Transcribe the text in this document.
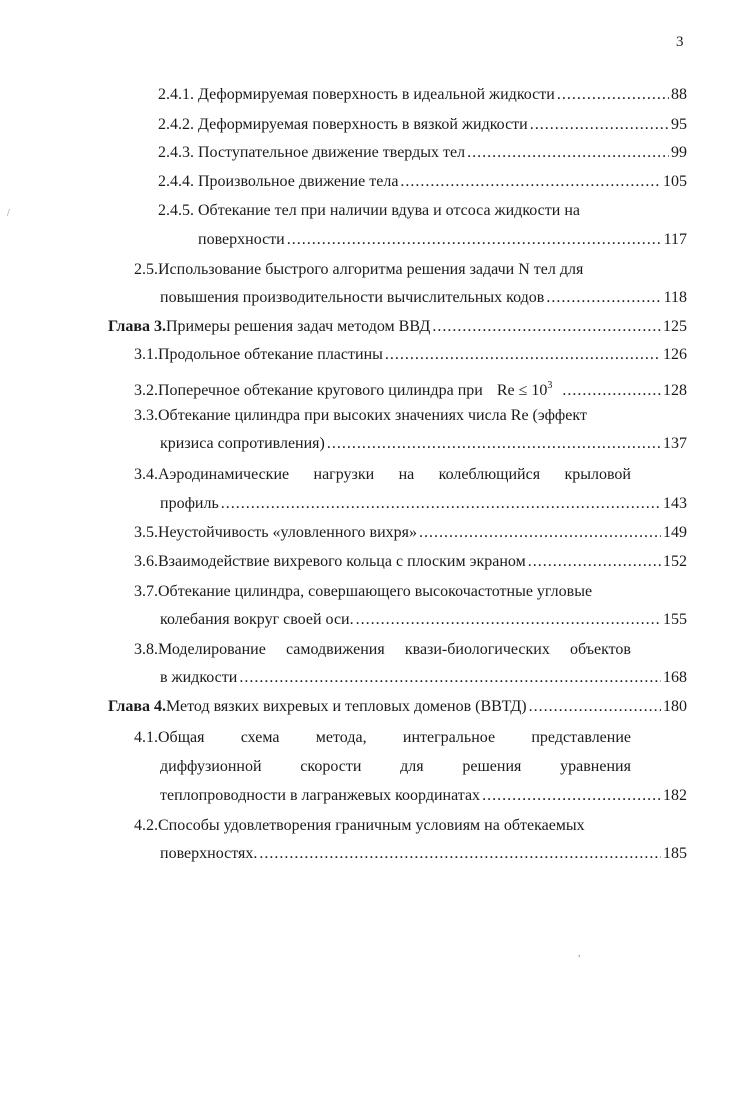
3
2.4.1. Деформируемая поверхность в идеальной жидкости .....	88
2.4.2. Деформируемая поверхность в вязкой жидкости .....	95
2.4.3. Поступательное движение твердых тел .....	99
2.4.4. Произвольное движение тела .....	105
2.4.5. Обтекание тел при наличии вдува и отсоса жидкости на
поверхности .....	117
2.5.Использование быстрого алгоритма решения задачи N тел для
повышения производительности вычислительных кодов .....	118
Глава 3.Примеры решения задач методом ВВД .....	125
3.1.Продольное обтекание пластины .....	126
3.2.Поперечное обтекание кругового цилиндра при $Re \le 10^3$ .....	128
3.3.Обтекание цилиндра при высоких значениях числа Re (эффект
кризиса сопротивления) .....	137
3.4.Аэродинамические нагрузки на колеблющийся крыловой
профиль .....	143
3.5.Неустойчивость «уловленного вихря» .....	149
3.6.Взаимодействие вихревого кольца с плоским экраном .....	152
3.7.Обтекание цилиндра, совершающего высокочастотные угловые
колебания вокруг своей оси. .....	155
3.8.Моделирование самодвижения квази-биологических объектов
в жидкости .....	168
Глава 4.Метод вязких вихревых и тепловых доменов (ВВТД) .....	180
4.1.Общая схема метода, интегральное представление
диффузионной скорости для решения уравнения
теплопроводности в лагранжевых координатах .....	182
4.2.Способы удовлетворения граничным условиям на обтекаемых
поверхностях. .....	185
/
,
